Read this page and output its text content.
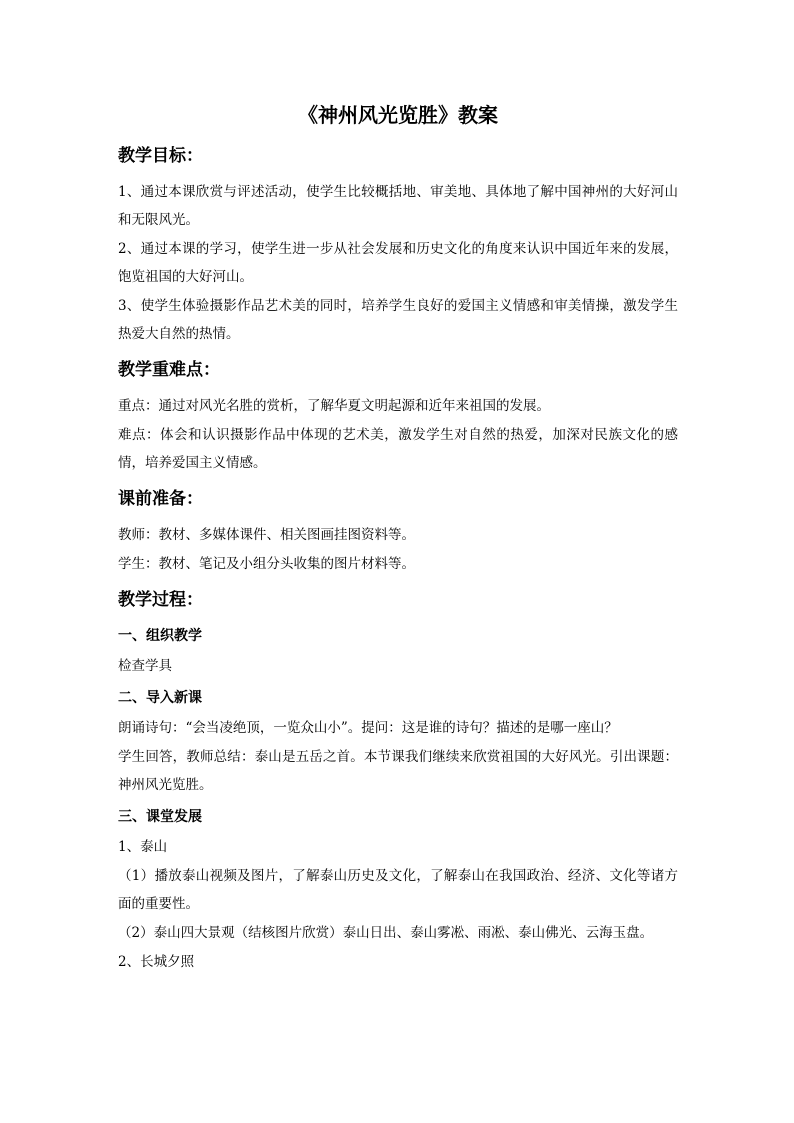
《神州风光览胜》教案
教学目标：

1、通过本课欣赏与评述活动，使学生比较概括地、审美地、具体地了解中国神州的大好河山和无限风光。

2、通过本课的学习，使学生进一步从社会发展和历史文化的角度来认识中国近年来的发展，饱览祖国的大好河山。

3、使学生体验摄影作品艺术美的同时，培养学生良好的爱国主义情感和审美情操，激发学生热爱大自然的热情。

教学重难点：

重点：通过对风光名胜的赏析，了解华夏文明起源和近年来祖国的发展。

难点：体会和认识摄影作品中体现的艺术美，激发学生对自然的热爱，加深对民族文化的感情，培养爱国主义情感。

课前准备：

教师：教材、多媒体课件、相关图画挂图资料等。

学生：教材、笔记及小组分头收集的图片材料等。

教学过程：
一、组织教学

检查学具

二、导入新课

朗诵诗句：“会当凌绝顶，一览众山小”。提问：这是谁的诗句？描述的是哪一座山？

学生回答，教师总结：泰山是五岳之首。本节课我们继续来欣赏祖国的大好风光。引出课题：神州风光览胜。

三、课堂发展

1、泰山

（1）播放泰山视频及图片，了解泰山历史及文化，了解泰山在我国政治、经济、文化等诸方面的重要性。

（2）泰山四大景观（结核图片欣赏）泰山日出、泰山雾凇、雨凇、泰山佛光、云海玉盘。

2、长城夕照
